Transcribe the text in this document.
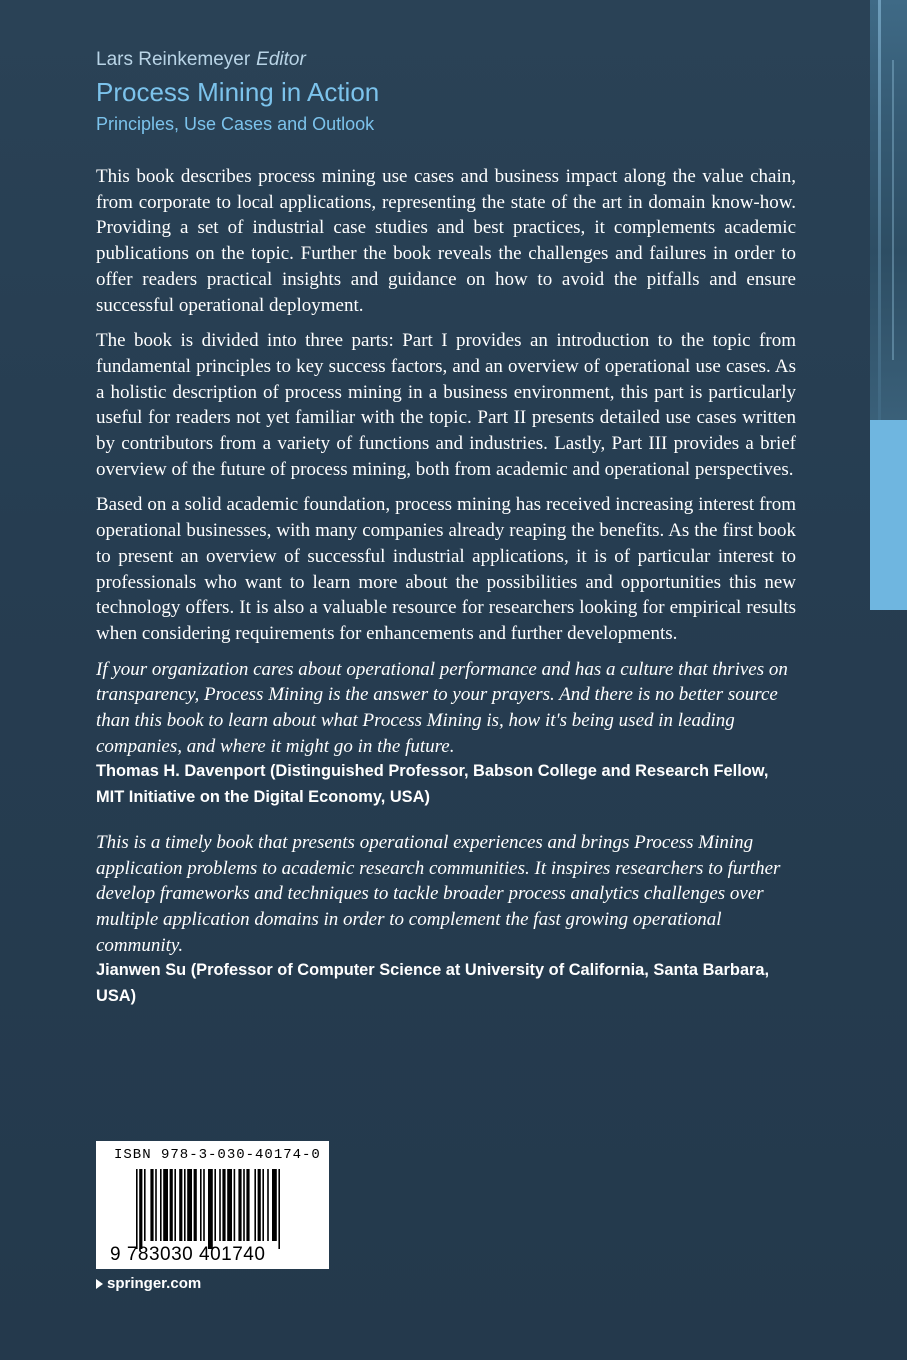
Lars Reinkemeyer Editor
Process Mining in Action
Principles, Use Cases and Outlook

This book describes process mining use cases and business impact along the value chain, from corporate to local applications, representing the state of the art in domain know-how. Providing a set of industrial case studies and best practices, it complements academic publications on the topic. Further the book reveals the challenges and failures in order to offer readers practical insights and guidance on how to avoid the pitfalls and ensure successful operational deployment.

The book is divided into three parts: Part I provides an introduction to the topic from fundamental principles to key success factors, and an overview of operational use cases. As a holistic description of process mining in a business environment, this part is particularly useful for readers not yet familiar with the topic. Part II presents detailed use cases written by contributors from a variety of functions and industries. Lastly, Part III provides a brief overview of the future of process mining, both from academic and operational perspectives.

Based on a solid academic foundation, process mining has received increasing interest from operational businesses, with many companies already reaping the benefits. As the first book to present an overview of successful industrial applications, it is of particular interest to professionals who want to learn more about the possibilities and opportunities this new technology offers. It is also a valuable resource for researchers looking for empirical results when considering requirements for enhancements and further developments.

If your organization cares about operational performance and has a culture that thrives on transparency, Process Mining is the answer to your prayers. And there is no better source than this book to learn about what Process Mining is, how it's being used in leading companies, and where it might go in the future.

Thomas H. Davenport (Distinguished Professor, Babson College and Research Fellow, MIT Initiative on the Digital Economy, USA)

This is a timely book that presents operational experiences and brings Process Mining application problems to academic research communities. It inspires researchers to further develop frameworks and techniques to tackle broader process analytics challenges over multiple application domains in order to complement the fast growing operational community.

Jianwen Su (Professor of Computer Science at University of California, Santa Barbara, USA)

ISBN 978-3-030-40174-0
9 783030 401740
springer.com
